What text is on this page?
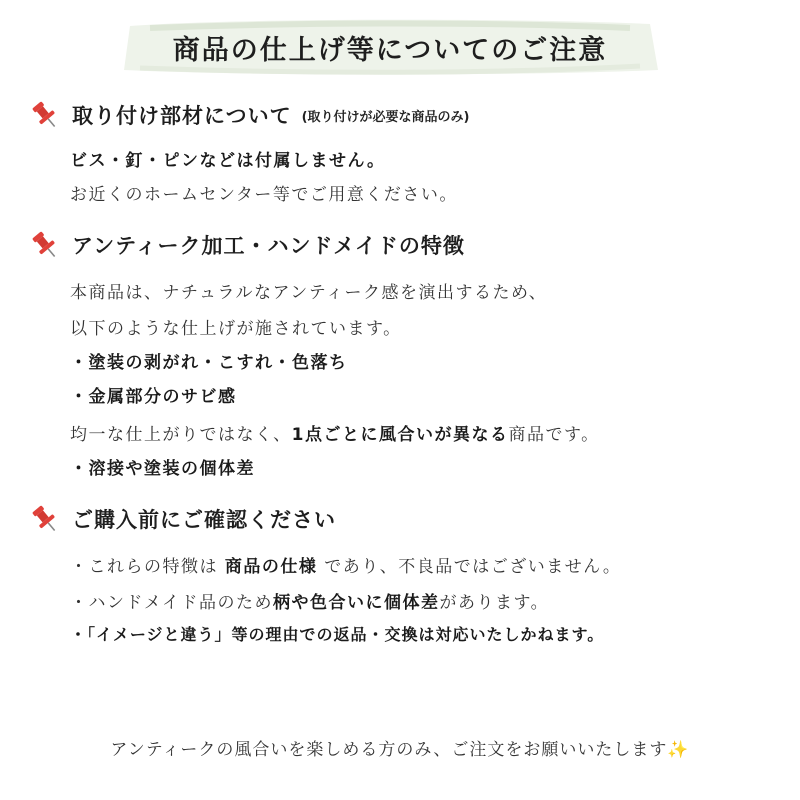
商品の仕上げ等についてのご注意
取り付け部材について (取り付けが必要な商品のみ)
ビス・釘・ピンなどは付属しません。
お近くのホームセンター等でご用意ください。
アンティーク加工・ハンドメイドの特徴
本商品は、ナチュラルなアンティーク感を演出するため、
以下のような仕上げが施されています。
・塗装の剥がれ・こすれ・色落ち
・金属部分のサビ感
均一な仕上がりではなく、1点ごとに風合いが異なる商品です。
・溶接や塗装の個体差
ご購入前にご確認ください
・これらの特徴は 商品の仕様 であり、不良品ではございません。
・ハンドメイド品のため柄や色合いに個体差があります。
・「イメージと違う」等の理由での返品・交換は対応いたしかねます。
アンティークの風合いを楽しめる方のみ、ご注文をお願いいたします✨
